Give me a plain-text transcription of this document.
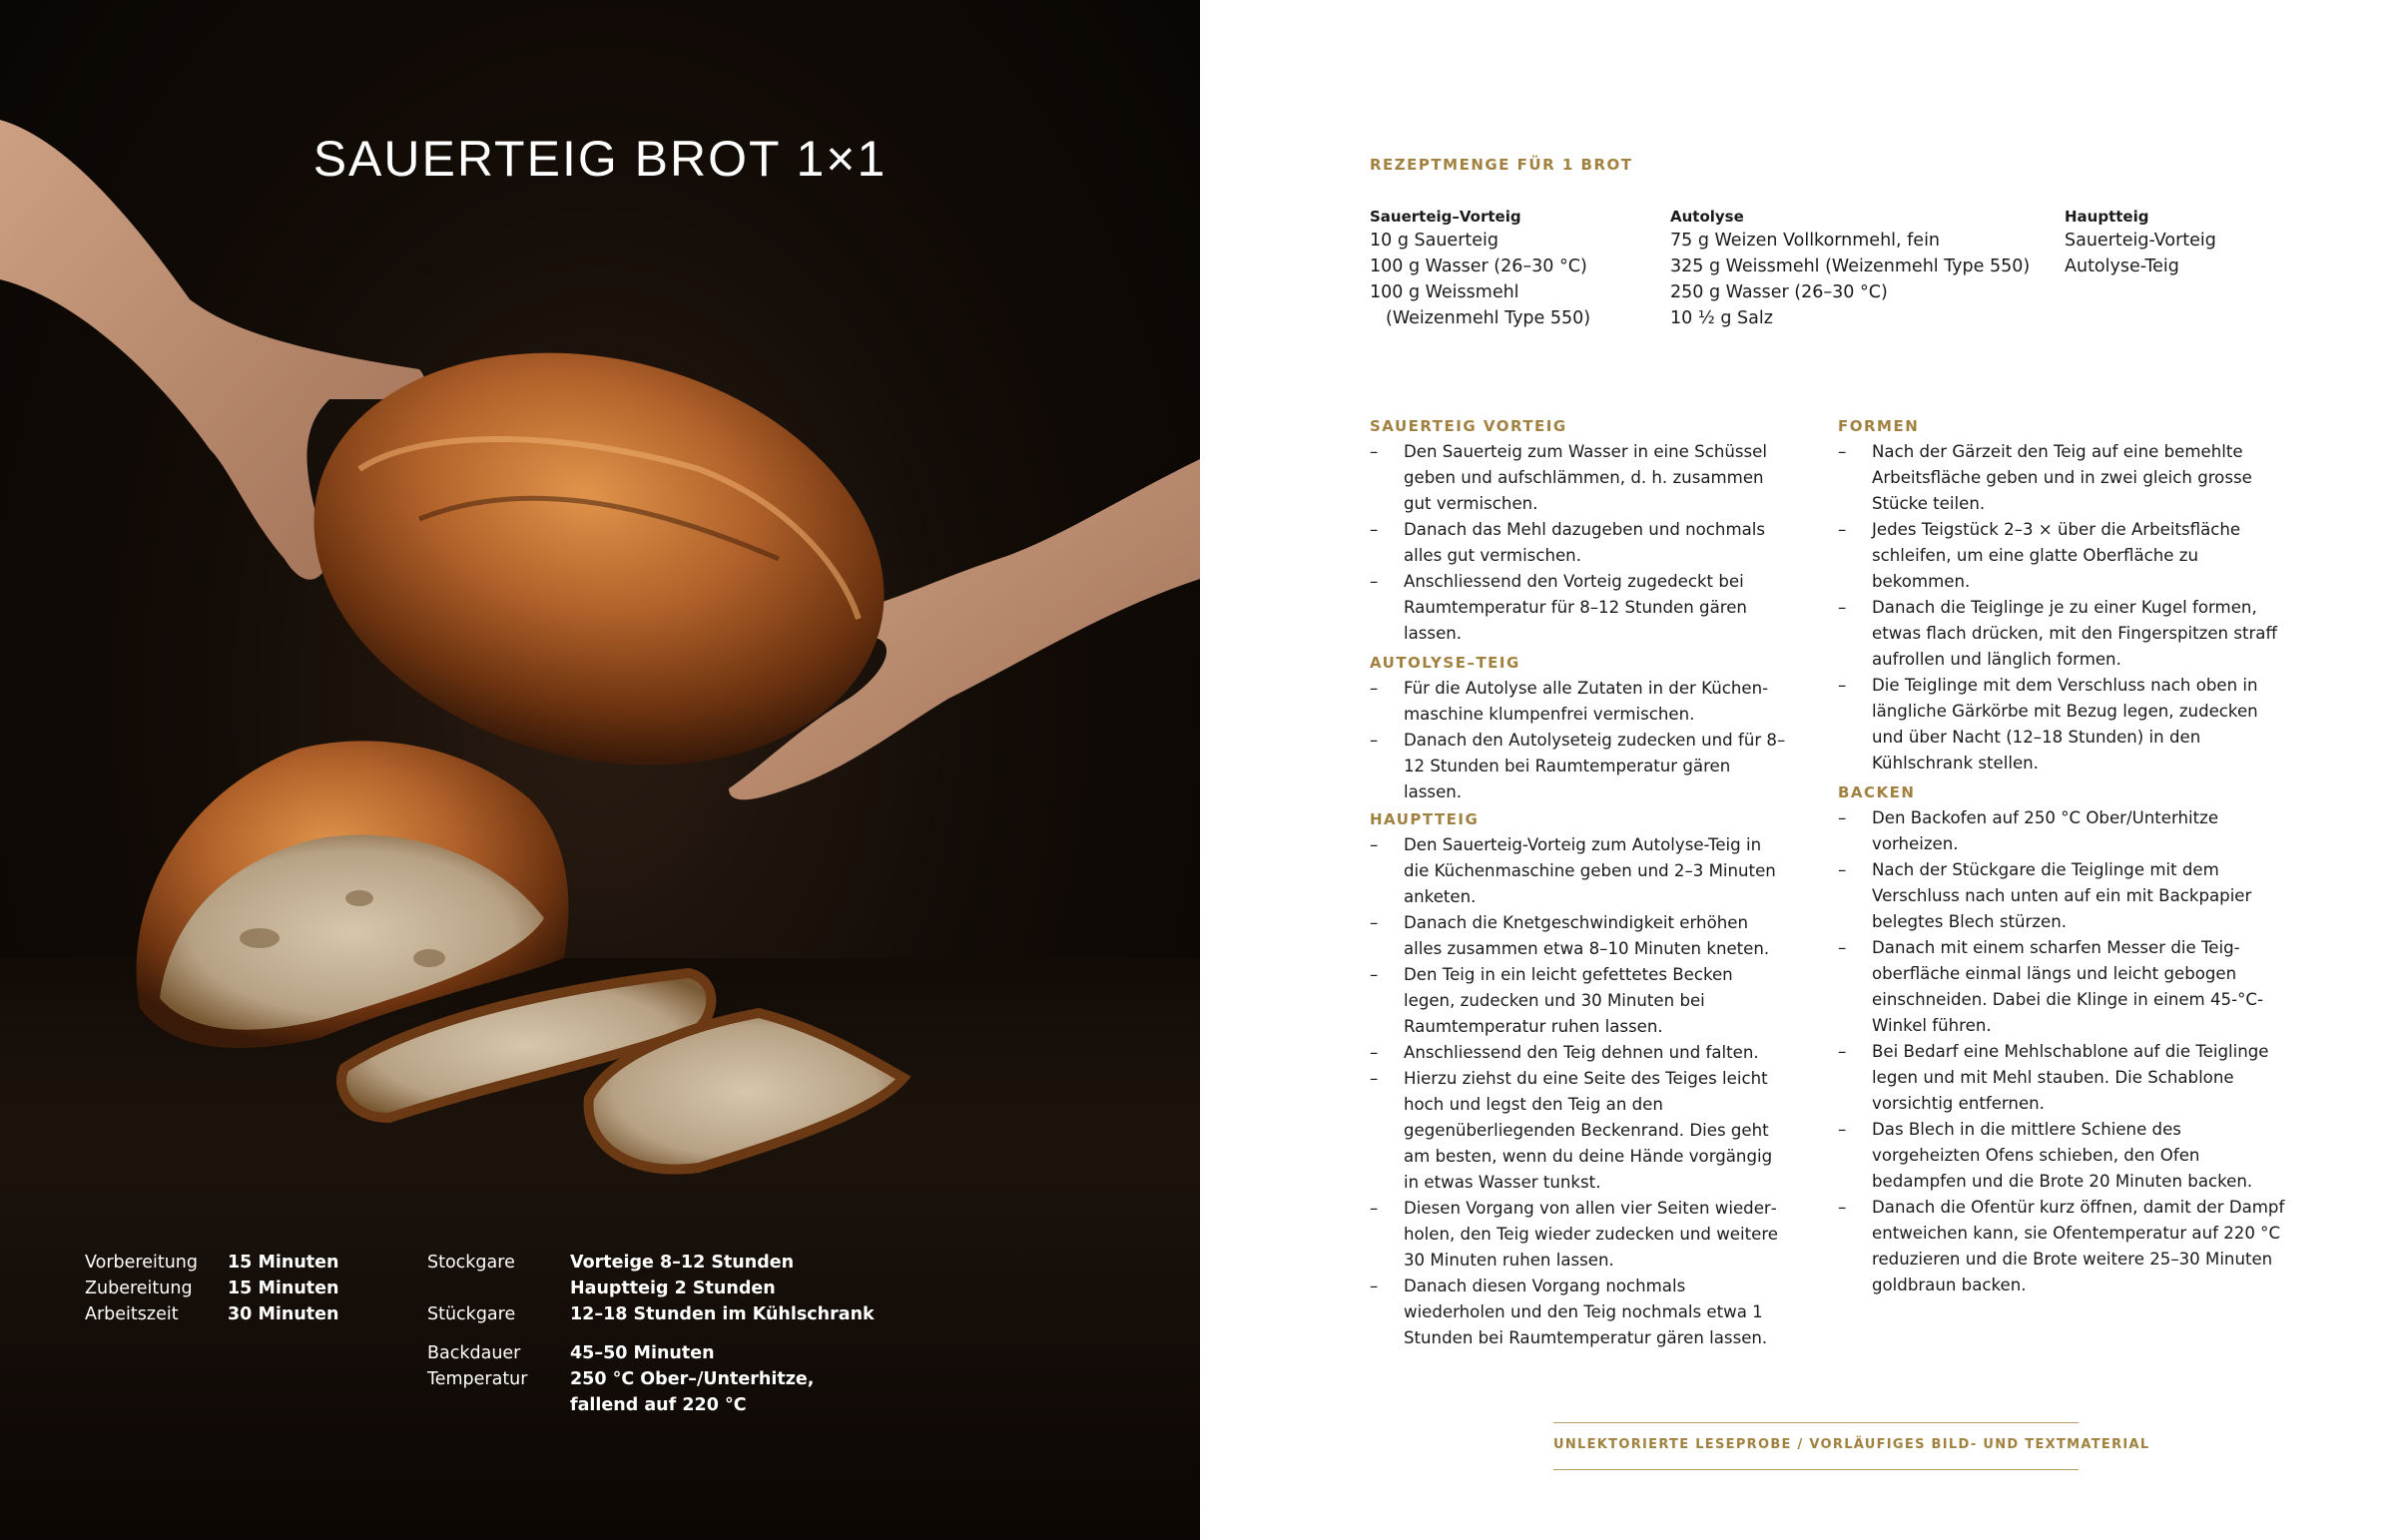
SAUERTEIG BROT 1×1
Vorbereitung 15 Minuten
Zubereitung 15 Minuten
Arbeitszeit	30 Minuten
Stockgare	Vorteige 8–12 Stunden
Hauptteig 2 Stunden
Stückgare	12–18 Stunden im Kühlschrank
Backdauer	45–50 Minuten
Temperatur 250 °C Ober–/Unterhitze,
fallend auf 220 °C
REZEPTMENGE FÜR 1 BROT
Sauerteig–Vorteig
10 g Sauerteig
100 g Wasser (26–30 °C)
100 g Weissmehl
(Weizenmehl Type 550)
Autolyse
75 g Weizen Vollkornmehl, fein
325 g Weissmehl (Weizenmehl Type 550)
250 g Wasser (26–30 °C)
10 ½ g Salz
Hauptteig
Sauerteig-Vorteig
Autolyse-Teig
SAUERTEIG VORTEIG
– Den Sauerteig zum Wasser in eine Schüssel geben und aufschlämmen, d. h. zusammen gut vermischen.
– Danach das Mehl dazugeben und nochmals alles gut vermischen.
– Anschliessend den Vorteig zugedeckt bei Raumtemperatur für 8–12 Stunden gären lassen.
AUTOLYSE–TEIG
– Für die Autolyse alle Zutaten in der Küchenmaschine klumpenfrei vermischen.
– Danach den Autolyseteig zudecken und für 8–12 Stunden bei Raumtemperatur gären lassen.
HAUPTTEIG
– Den Sauerteig-Vorteig zum Autolyse-Teig in die Küchenmaschine geben und 2–3 Minuten anketen.
– Danach die Knetgeschwindigkeit erhöhen alles zusammen etwa 8–10 Minuten kneten.
– Den Teig in ein leicht gefettetes Becken legen, zudecken und 30 Minuten bei Raumtemperatur ruhen lassen.
– Anschliessend den Teig dehnen und falten.
– Hierzu ziehst du eine Seite des Teiges leicht hoch und legst den Teig an den gegenüberliegenden Beckenrand. Dies geht am besten, wenn du deine Hände vorgängig in etwas Wasser tunkst.
– Diesen Vorgang von allen vier Seiten wiederholen, den Teig wieder zudecken und weitere 30 Minuten ruhen lassen.
– Danach diesen Vorgang nochmals wiederholen und den Teig nochmals etwa 1 Stunden bei Raumtemperatur gären lassen.
FORMEN
– Nach der Gärzeit den Teig auf eine bemehlte Arbeitsfläche geben und in zwei gleich grosse Stücke teilen.
– Jedes Teigstück 2–3 × über die Arbeitsfläche schleifen, um eine glatte Oberfläche zu bekommen.
– Danach die Teiglinge je zu einer Kugel formen, etwas flach drücken, mit den Fingerspitzen straff aufrollen und länglich formen.
– Die Teiglinge mit dem Verschluss nach oben in längliche Gärkörbe mit Bezug legen, zudecken und über Nacht (12–18 Stunden) in den Kühlschrank stellen.
BACKEN
– Den Backofen auf 250 °C Ober/Unterhitze vorheizen.
– Nach der Stückgare die Teiglinge mit dem Verschluss nach unten auf ein mit Backpapier belegtes Blech stürzen.
– Danach mit einem scharfen Messer die Teigoberfläche einmal längs und leicht gebogen einschneiden. Dabei die Klinge in einem 45-°C-Winkel führen.
– Bei Bedarf eine Mehlschablone auf die Teiglinge legen und mit Mehl stauben. Die Schablone vorsichtig entfernen.
– Das Blech in die mittlere Schiene des vorgeheizten Ofens schieben, den Ofen bedampfen und die Brote 20 Minuten backen.
– Danach die Ofentür kurz öffnen, damit der Dampf entweichen kann, sie Ofentemperatur auf 220 °C reduzieren und die Brote weitere 25–30 Minuten goldbraun backen.
UNLEKTORIERTE LESEPROBE / VORLÄUFIGES BILD- UND TEXTMATERIAL
